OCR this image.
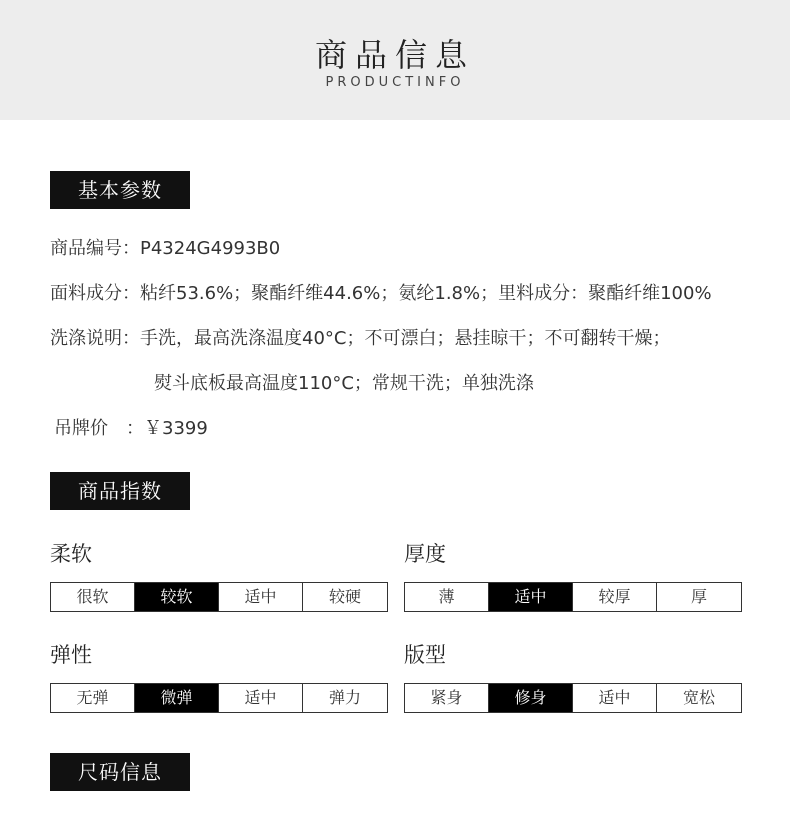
商品信息
PRODUCTINFO
基本参数
商品编号：P4324G4993B0
面料成分：粘纤53.6%；聚酯纤维44.6%；氨纶1.8%；里料成分：聚酯纤维100%
洗涤说明：手洗，最高洗涤温度40°C；不可漂白；悬挂晾干；不可翻转干燥；
熨斗底板最高温度110°C；常规干洗；单独洗涤
吊牌价　：￥3399
商品指数
柔软
很软	较软	适中	较硬
厚度
薄	适中	较厚	厚
弹性
无弹	微弹	适中	弹力
版型
紧身	修身	适中	宽松
尺码信息
